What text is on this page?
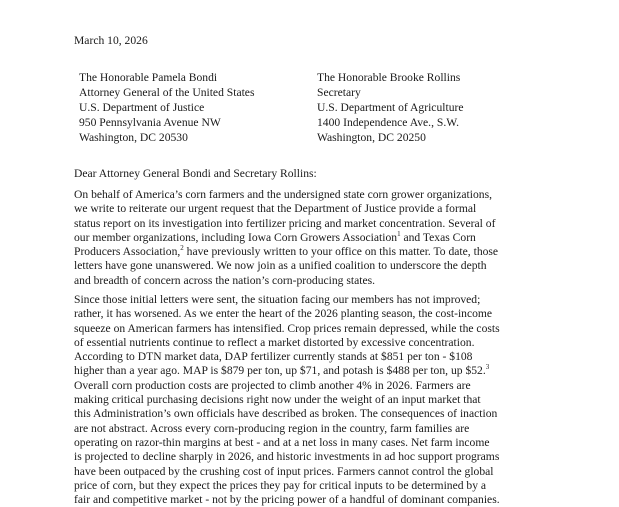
March 10, 2026
The Honorable Pamela Bondi
Attorney General of the United States
U.S. Department of Justice
950 Pennsylvania Avenue NW
Washington, DC 20530
The Honorable Brooke Rollins
Secretary
U.S. Department of Agriculture
1400 Independence Ave., S.W.
Washington, DC 20250
Dear Attorney General Bondi and Secretary Rollins:
On behalf of America’s corn farmers and the undersigned state corn grower organizations,
we write to reiterate our urgent request that the Department of Justice provide a formal
status report on its investigation into fertilizer pricing and market concentration. Several of
our member organizations, including Iowa Corn Growers Association$^1$ and Texas Corn
Producers Association,$^2$ have previously written to your office on this matter. To date, those
letters have gone unanswered. We now join as a unified coalition to underscore the depth
and breadth of concern across the nation’s corn-producing states.
Since those initial letters were sent, the situation facing our members has not improved;
rather, it has worsened. As we enter the heart of the 2026 planting season, the cost-income
squeeze on American farmers has intensified. Crop prices remain depressed, while the costs
of essential nutrients continue to reflect a market distorted by excessive concentration.
According to DTN market data, DAP fertilizer currently stands at $851 per ton - $108
higher than a year ago. MAP is $879 per ton, up $71, and potash is $488 per ton, up $52.$^3$
Overall corn production costs are projected to climb another 4% in 2026. Farmers are
making critical purchasing decisions right now under the weight of an input market that
this Administration’s own officials have described as broken. The consequences of inaction
are not abstract. Across every corn-producing region in the country, farm families are
operating on razor-thin margins at best - and at a net loss in many cases. Net farm income
is projected to decline sharply in 2026, and historic investments in ad hoc support programs
have been outpaced by the crushing cost of input prices. Farmers cannot control the global
price of corn, but they expect the prices they pay for critical inputs to be determined by a
fair and competitive market - not by the pricing power of a handful of dominant companies.
